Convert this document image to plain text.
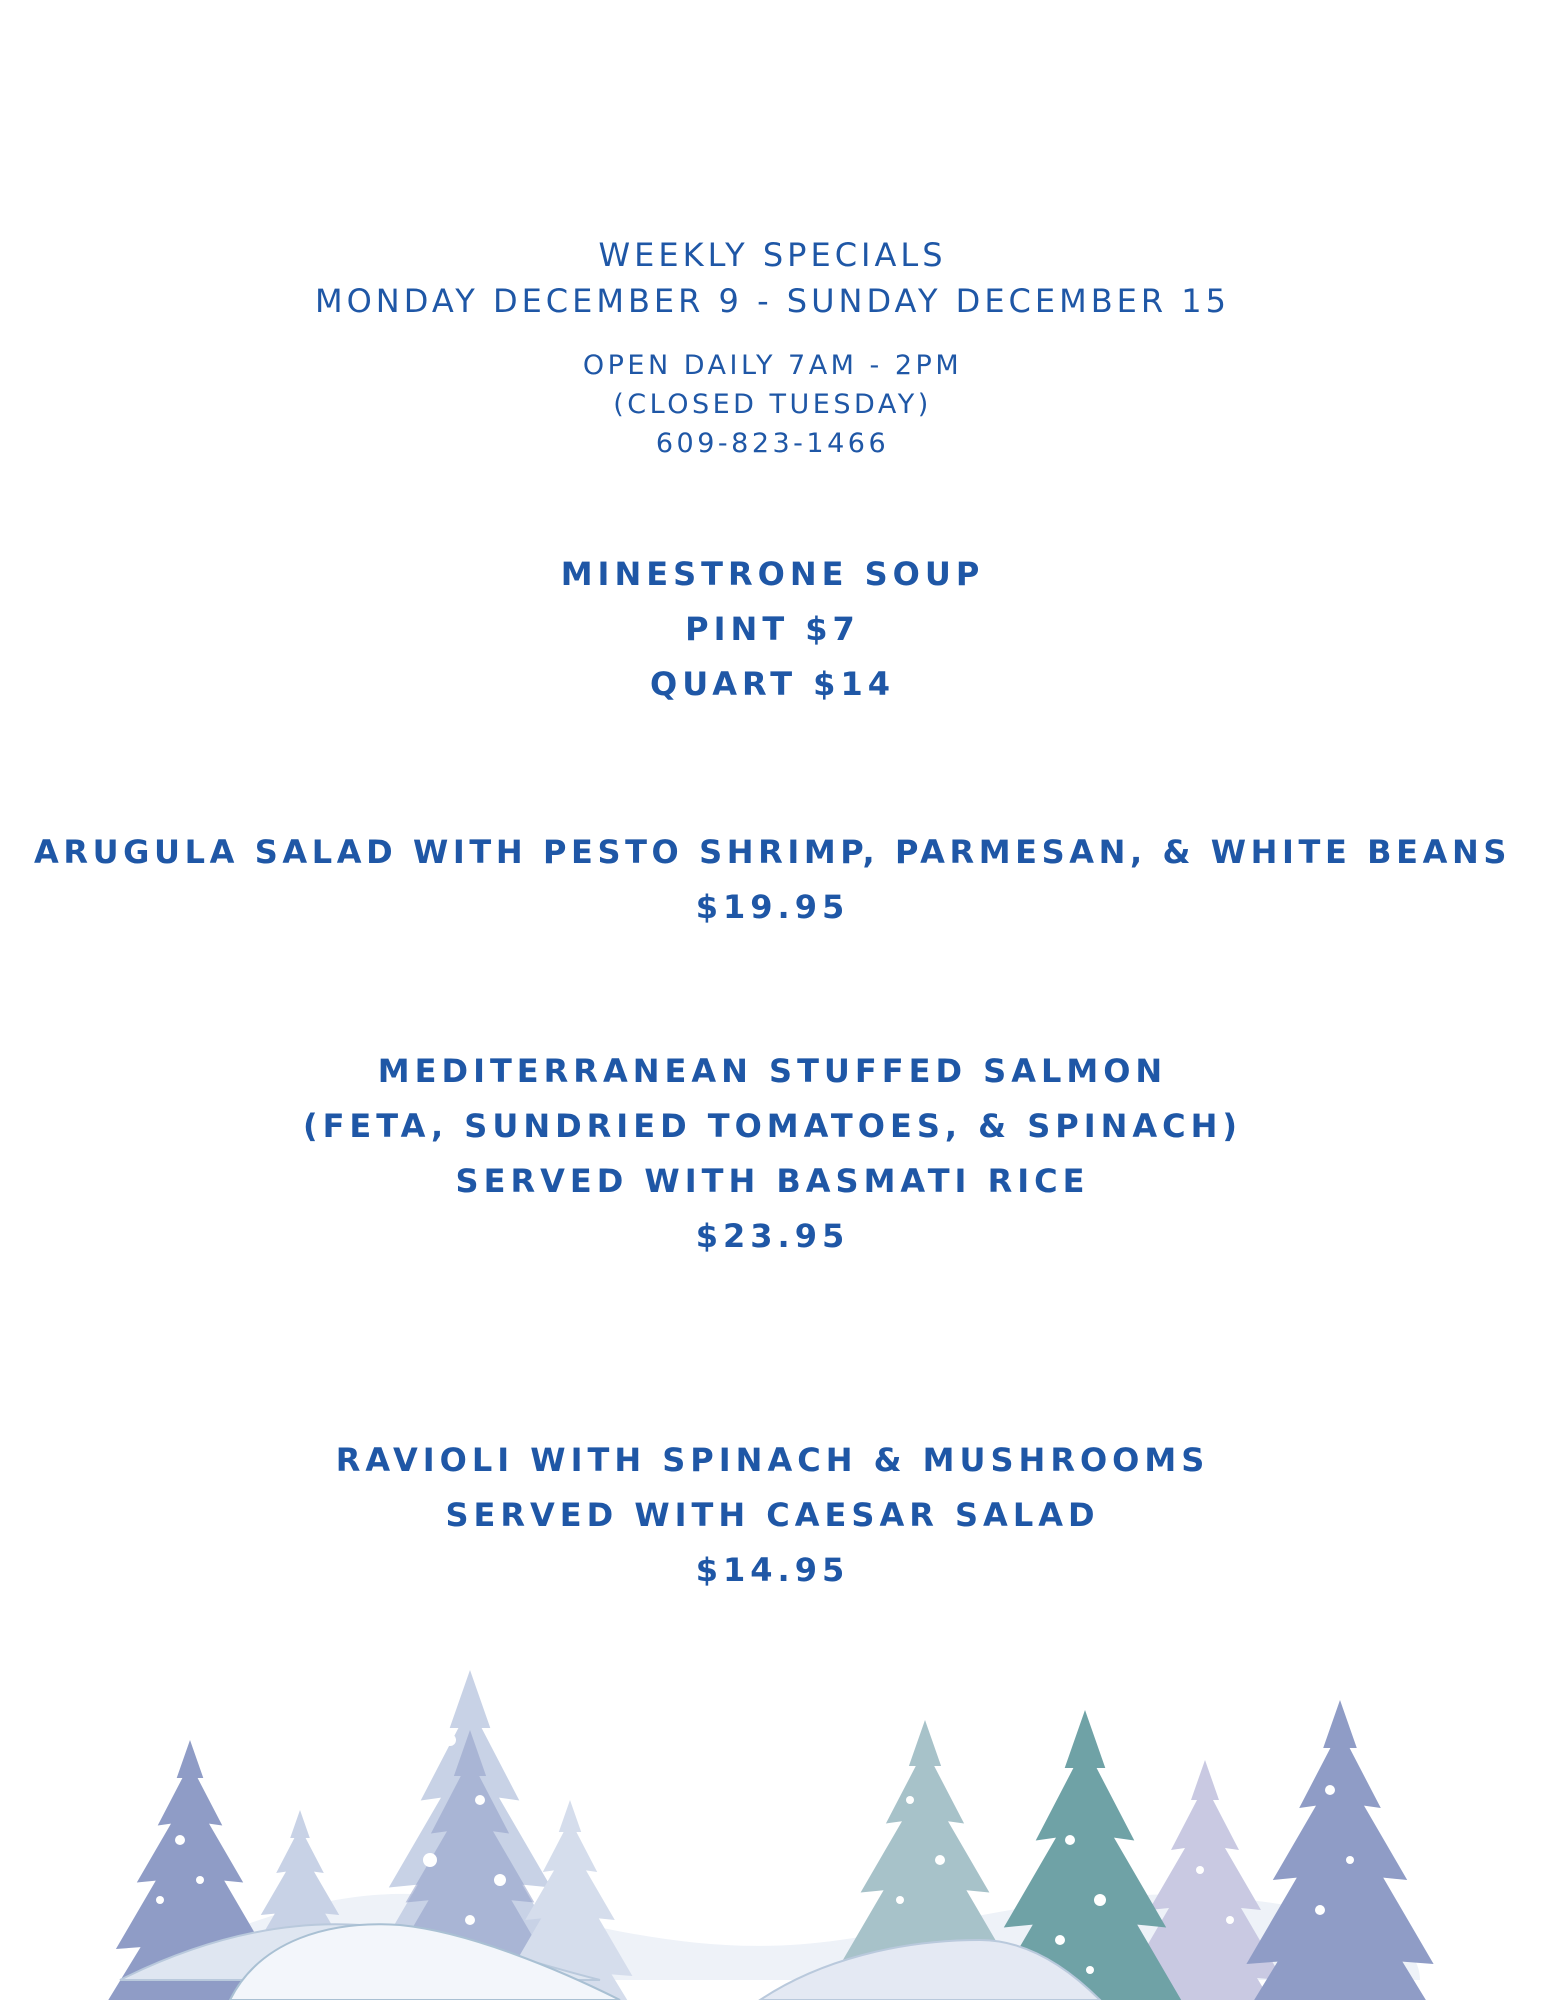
WEEKLY SPECIALS
MONDAY DECEMBER 9 - SUNDAY DECEMBER 15
OPEN DAILY 7AM - 2PM
(CLOSED TUESDAY)
609-823-1466
MINESTRONE SOUP
PINT $7
QUART $14
ARUGULA SALAD WITH PESTO SHRIMP, PARMESAN, & WHITE BEANS
$19.95
MEDITERRANEAN STUFFED SALMON
(FETA, SUNDRIED TOMATOES, & SPINACH)
SERVED WITH BASMATI RICE
$23.95
RAVIOLI WITH SPINACH & MUSHROOMS
SERVED WITH CAESAR SALAD
$14.95
